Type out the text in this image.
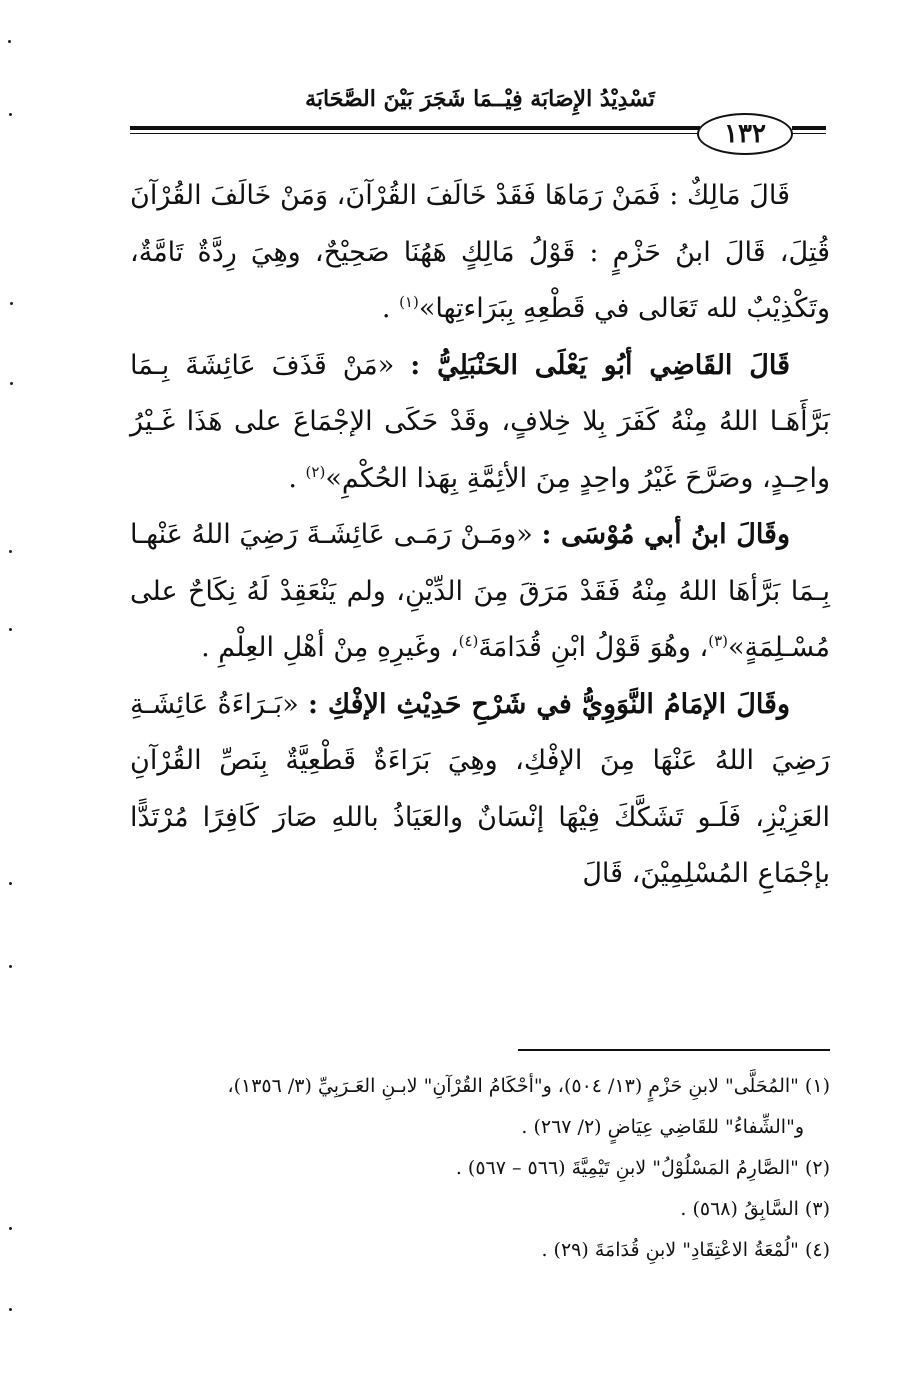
تَسْدِيْدُ الإِصَابَة فِيْــمَا شَجَرَ بَيْنَ الصَّحَابَة
١٣٢

قَالَ مَالِكٌ : فَمَنْ رَمَاهَا فَقَدْ خَالَفَ القُرْآنَ، وَمَنْ خَالَفَ القُرْآنَ قُتِلَ، قَالَ ابنُ حَزْمٍ : قَوْلُ مَالِكٍ هَهُنَا صَحِيْحٌ، وهِيَ رِدَّةٌ تَامَّةٌ، وتَكْذِيْبٌ لله تَعَالى في قَطْعِهِ بِبَرَاءتِها»$^{(١)}$ .

قَالَ القَاضِي أبُو يَعْلَى الحَنْبَلِيُّ : «مَنْ قَذَفَ عَائِشَةَ بِـمَا بَرَّأَهَـا اللهُ مِنْهُ كَفَرَ بِلا خِلافٍ، وقَدْ حَكَى الإجْمَاعَ على هَذَا غَـيْرُ واحِـدٍ، وصَرَّحَ غَيْرُ واحِدٍ مِنَ الأئِمَّةِ بِهَذا الحُكْمِ»$^{(٢)}$ .

وقَالَ ابنُ أبي مُوْسَى : «ومَـنْ رَمَـى عَائِشَـةَ رَضِيَ اللهُ عَنْهـا بِـمَا بَرَّأهَا اللهُ مِنْهُ فَقَدْ مَرَقَ مِنَ الدِّيْنِ، ولم يَنْعَقِدْ لَهُ نِكَاحٌ على مُسْـلِمَةٍ»$^{(٣)}$، وهُوَ قَوْلُ ابْنِ قُدَامَةَ$^{(٤)}$، وغَيرِهِ مِنْ أهْلِ العِلْمِ .

وقَالَ الإمَامُ النَّوَوِيُّ في شَرْحِ حَدِيْثِ الإفْكِ : «بَـرَاءَةُ عَائِشَـةِ رَضِيَ اللهُ عَنْهَا مِنَ الإفْكِ، وهِيَ بَرَاءَةٌ قَطْعِيَّةٌ بِنَصِّ القُرْآنِ العَزِيْزِ، فَلَـو تَشَكَّكَ فِيْهَا إنْسَانٌ والعَيَاذُ باللهِ صَارَ كَافِرًا مُرْتَدًّا بإجْمَاعِ المُسْلِمِيْنَ، قَالَ

(١) "المُحَلَّى" لابنِ حَزْمٍ (١٣/ ٥٠٤)، و"أحْكَامُ القُرْآنِ" لابـنِ العَـرَبِيِّ (٣/ ١٣٥٦)،

و"الشِّفاءُ" للقَاضِي عِيَاضٍ (٢/ ٢٦٧) .

(٢) "الصَّارِمُ المَسْلُوْلُ" لابنِ تَيْمِيَّةَ (٥٦٦ – ٥٦٧) .

(٣) السَّابِقُ (٥٦٨) .

(٤) "لُمْعَةُ الاعْتِقَادِ" لابنِ قُدَامَةَ (٢٩) .
